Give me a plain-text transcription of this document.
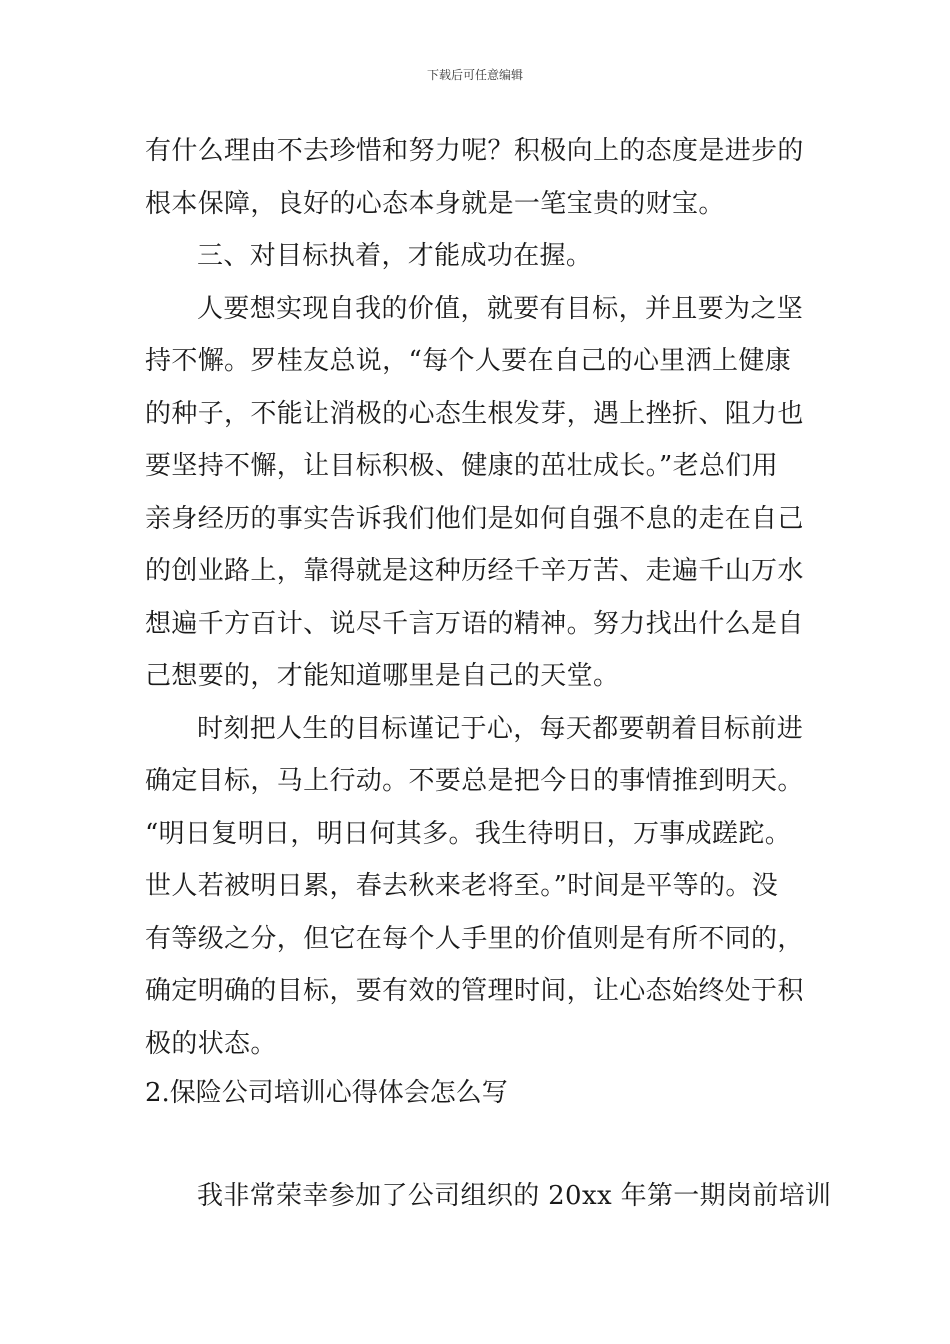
下载后可任意编辑
有什么理由不去珍惜和努力呢？积极向上的态度是进步的
根本保障，良好的心态本身就是一笔宝贵的财宝。
三、对目标执着，才能成功在握。
人要想实现自我的价值，就要有目标，并且要为之坚
持不懈。罗桂友总说，“每个人要在自己的心里洒上健康
的种子，不能让消极的心态生根发芽，遇上挫折、阻力也
要坚持不懈，让目标积极、健康的茁壮成长。”老总们用
亲身经历的事实告诉我们他们是如何自强不息的走在自己
的创业路上，靠得就是这种历经千辛万苦、走遍千山万水
想遍千方百计、说尽千言万语的精神。努力找出什么是自
己想要的，才能知道哪里是自己的天堂。
时刻把人生的目标谨记于心，每天都要朝着目标前进
确定目标，马上行动。不要总是把今日的事情推到明天。
“明日复明日，明日何其多。我生待明日，万事成蹉跎。
世人若被明日累，春去秋来老将至。”时间是平等的。没
有等级之分，但它在每个人手里的价值则是有所不同的，
确定明确的目标，要有效的管理时间，让心态始终处于积
极的状态。
2.保险公司培训心得体会怎么写
我非常荣幸参加了公司组织的 20xx 年第一期岗前培训
